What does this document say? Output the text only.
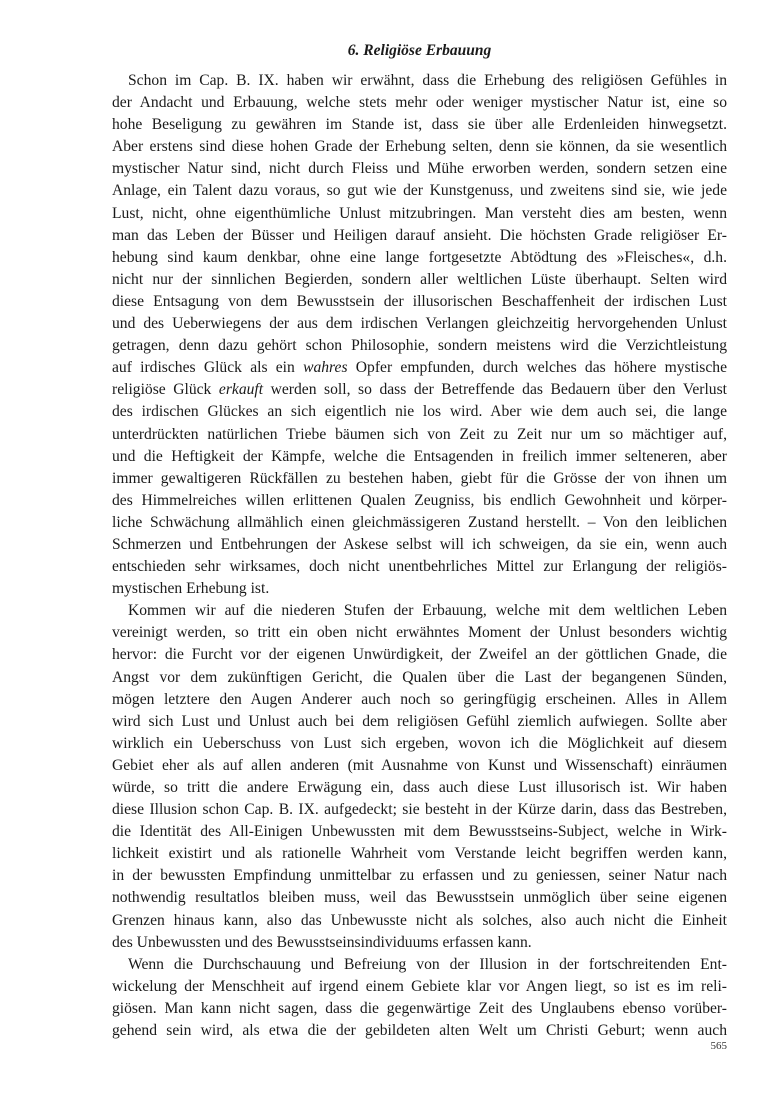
6. Religiöse Erbauung

Schon im Cap. B. IX. haben wir erwähnt, dass die Erhebung des religiösen Gefühles in
der Andacht und Erbauung, welche stets mehr oder weniger mystischer Natur ist, eine so
hohe Beseligung zu gewähren im Stande ist, dass sie über alle Erdenleiden hinwegsetzt.
Aber erstens sind diese hohen Grade der Erhebung selten, denn sie können, da sie wesentlich
mystischer Natur sind, nicht durch Fleiss und Mühe erworben werden, sondern setzen eine
Anlage, ein Talent dazu voraus, so gut wie der Kunstgenuss, und zweitens sind sie, wie jede
Lust, nicht, ohne eigenthümliche Unlust mitzubringen. Man versteht dies am besten, wenn
man das Leben der Büsser und Heiligen darauf ansieht. Die höchsten Grade religiöser Er-
hebung sind kaum denkbar, ohne eine lange fortgesetzte Abtödtung des »Fleisches«, d.h.
nicht nur der sinnlichen Begierden, sondern aller weltlichen Lüste überhaupt. Selten wird
diese Entsagung von dem Bewusstsein der illusorischen Beschaffenheit der irdischen Lust
und des Ueberwiegens der aus dem irdischen Verlangen gleichzeitig hervorgehenden Unlust
getragen, denn dazu gehört schon Philosophie, sondern meistens wird die Verzichtleistung
auf irdisches Glück als ein wahres Opfer empfunden, durch welches das höhere mystische
religiöse Glück erkauft werden soll, so dass der Betreffende das Bedauern über den Verlust
des irdischen Glückes an sich eigentlich nie los wird. Aber wie dem auch sei, die lange
unterdrückten natürlichen Triebe bäumen sich von Zeit zu Zeit nur um so mächtiger auf,
und die Heftigkeit der Kämpfe, welche die Entsagenden in freilich immer selteneren, aber
immer gewaltigeren Rückfällen zu bestehen haben, giebt für die Grösse der von ihnen um
des Himmelreiches willen erlittenen Qualen Zeugniss, bis endlich Gewohnheit und körper-
liche Schwächung allmählich einen gleichmässigeren Zustand herstellt. – Von den leiblichen
Schmerzen und Entbehrungen der Askese selbst will ich schweigen, da sie ein, wenn auch
entschieden sehr wirksames, doch nicht unentbehrliches Mittel zur Erlangung der religiös-
mystischen Erhebung ist.

Kommen wir auf die niederen Stufen der Erbauung, welche mit dem weltlichen Leben
vereinigt werden, so tritt ein oben nicht erwähntes Moment der Unlust besonders wichtig
hervor: die Furcht vor der eigenen Unwürdigkeit, der Zweifel an der göttlichen Gnade, die
Angst vor dem zukünftigen Gericht, die Qualen über die Last der begangenen Sünden,
mögen letztere den Augen Anderer auch noch so geringfügig erscheinen. Alles in Allem
wird sich Lust und Unlust auch bei dem religiösen Gefühl ziemlich aufwiegen. Sollte aber
wirklich ein Ueberschuss von Lust sich ergeben, wovon ich die Möglichkeit auf diesem
Gebiet eher als auf allen anderen (mit Ausnahme von Kunst und Wissenschaft) einräumen
würde, so tritt die andere Erwägung ein, dass auch diese Lust illusorisch ist. Wir haben
diese Illusion schon Cap. B. IX. aufgedeckt; sie besteht in der Kürze darin, dass das Bestreben,
die Identität des All-Einigen Unbewussten mit dem Bewusstseins-Subject, welche in Wirk-
lichkeit existirt und als rationelle Wahrheit vom Verstande leicht begriffen werden kann,
in der bewussten Empfindung unmittelbar zu erfassen und zu geniessen, seiner Natur nach
nothwendig resultatlos bleiben muss, weil das Bewusstsein unmöglich über seine eigenen
Grenzen hinaus kann, also das Unbewusste nicht als solches, also auch nicht die Einheit
des Unbewussten und des Bewusstseinsindividuums erfassen kann.

Wenn die Durchschauung und Befreiung von der Illusion in der fortschreitenden Ent-
wickelung der Menschheit auf irgend einem Gebiete klar vor Angen liegt, so ist es im reli-
giösen. Man kann nicht sagen, dass die gegenwärtige Zeit des Unglaubens ebenso vorüber-
gehend sein wird, als etwa die der gebildeten alten Welt um Christi Geburt; wenn auch

565
